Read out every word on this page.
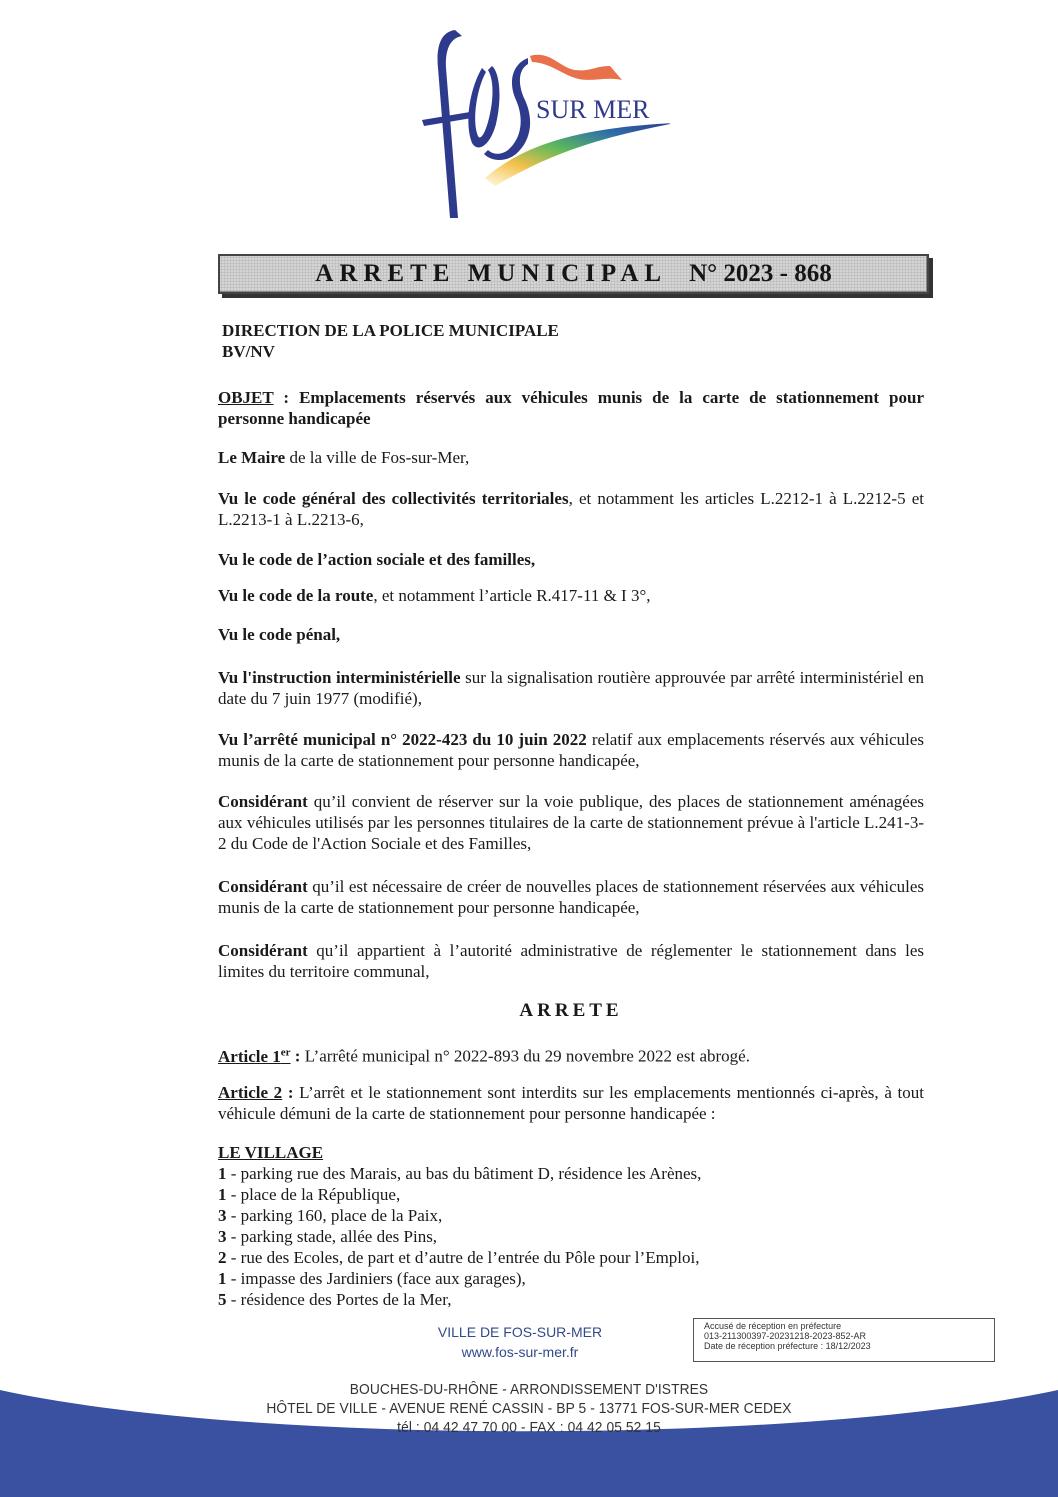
SUR MER
ARRETE MUNICIPAL N° 2023 - 868
DIRECTION DE LA POLICE MUNICIPALE
BV/NV
OBJET : Emplacements réservés aux véhicules munis de la carte de stationnement pour personne handicapée
Le Maire de la ville de Fos-sur-Mer,
Vu le code général des collectivités territoriales, et notamment les articles L.2212-1 à L.2212-5 et L.2213-1 à L.2213-6,
Vu le code de l’action sociale et des familles,
Vu le code de la route, et notamment l’article R.417-11 & I 3°,
Vu le code pénal,
Vu l'instruction interministérielle sur la signalisation routière approuvée par arrêté interministériel en date du 7 juin 1977 (modifié),
Vu l’arrêté municipal n° 2022-423 du 10 juin 2022 relatif aux emplacements réservés aux véhicules munis de la carte de stationnement pour personne handicapée,
Considérant qu’il convient de réserver sur la voie publique, des places de stationnement aménagées aux véhicules utilisés par les personnes titulaires de la carte de stationnement prévue à l'article L.241-3-2 du Code de l'Action Sociale et des Familles,
Considérant qu’il est nécessaire de créer de nouvelles places de stationnement réservées aux véhicules munis de la carte de stationnement pour personne handicapée,
Considérant qu’il appartient à l’autorité administrative de réglementer le stationnement dans les limites du territoire communal,
ARRETE
Article 1er : L’arrêté municipal n° 2022-893 du 29 novembre 2022 est abrogé.
Article 2 : L’arrêt et le stationnement sont interdits sur les emplacements mentionnés ci-après, à tout véhicule démuni de la carte de stationnement pour personne handicapée :
LE VILLAGE
1 - parking rue des Marais, au bas du bâtiment D, résidence les Arènes,
1 - place de la République,
3 - parking 160, place de la Paix,
3 - parking stade, allée des Pins,
2 - rue des Ecoles, de part et d’autre de l’entrée du Pôle pour l’Emploi,
1 - impasse des Jardiniers (face aux garages),
5 - résidence des Portes de la Mer,
VILLE DE FOS-SUR-MER
www.fos-sur-mer.fr
Accusé de réception en préfecture
013-211300397-20231218-2023-852-AR
Date de réception préfecture : 18/12/2023
BOUCHES-DU-RHÔNE - ARRONDISSEMENT D'ISTRES
HÔTEL DE VILLE - AVENUE RENÉ CASSIN - BP 5 - 13771 FOS-SUR-MER CEDEX
tél : 04 42 47 70 00 - FAX : 04 42 05 52 15
